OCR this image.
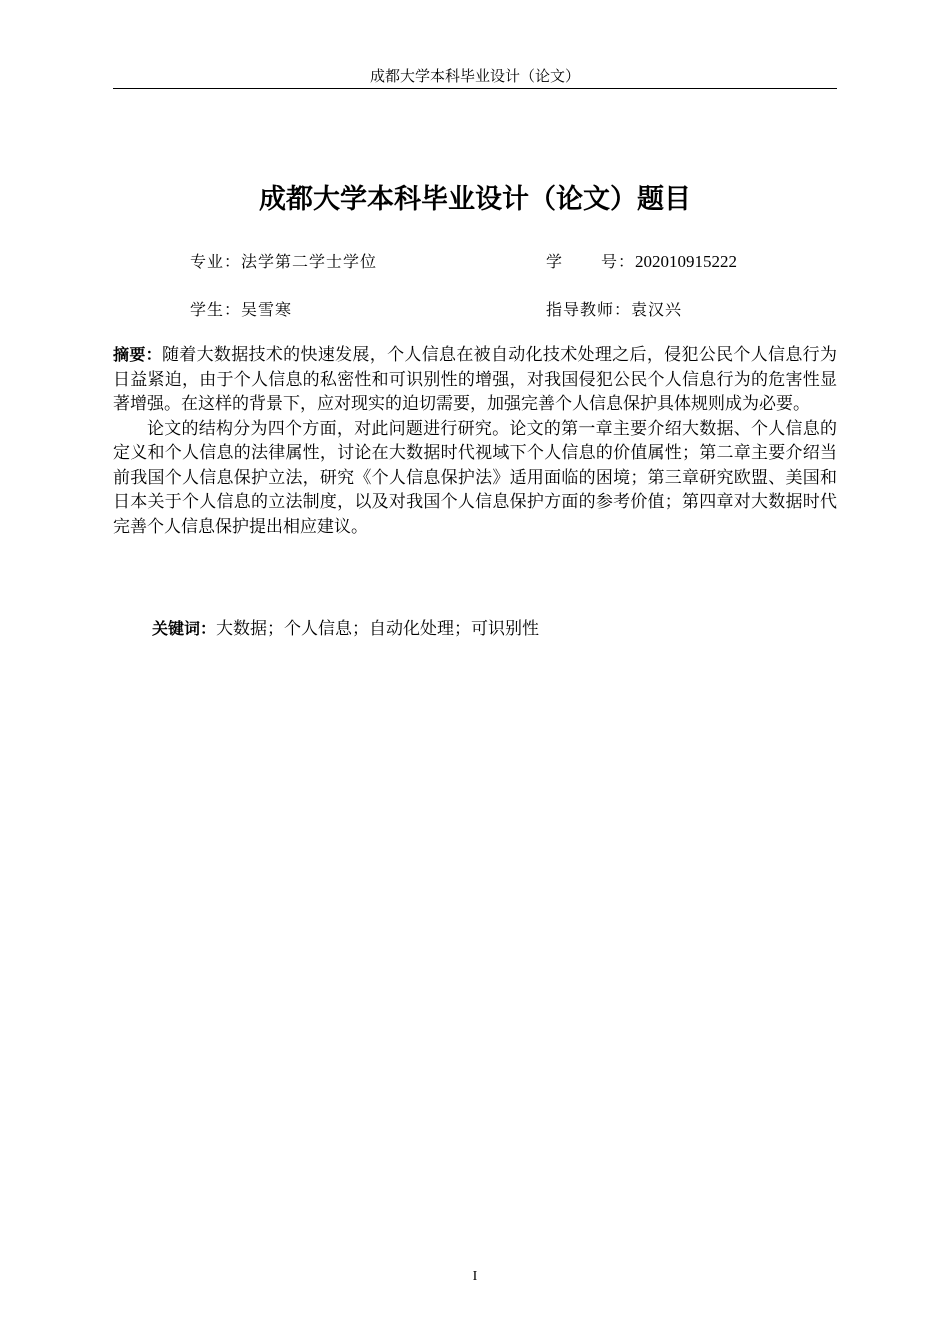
成都大学本科毕业设计（论文）
成都大学本科毕业设计（论文）题目
专业：法学第二学士学位	学 号：202010915222
学生：吴雪寒	指导教师：袁汉兴

摘要：随着大数据技术的快速发展，个人信息在被自动化技术处理之后，侵犯公民个人信息行为日益紧迫，由于个人信息的私密性和可识别性的增强，对我国侵犯公民个人信息行为的危害性显著增强。在这样的背景下，应对现实的迫切需要，加强完善个人信息保护具体规则成为必要。

论文的结构分为四个方面，对此问题进行研究。论文的第一章主要介绍大数据、个人信息的定义和个人信息的法律属性，讨论在大数据时代视域下个人信息的价值属性；第二章主要介绍当前我国个人信息保护立法，研究《个人信息保护法》适用面临的困境；第三章研究欧盟、美国和日本关于个人信息的立法制度，以及对我国个人信息保护方面的参考价值；第四章对大数据时代完善个人信息保护提出相应建议。

关键词：大数据；个人信息；自动化处理；可识别性
I
